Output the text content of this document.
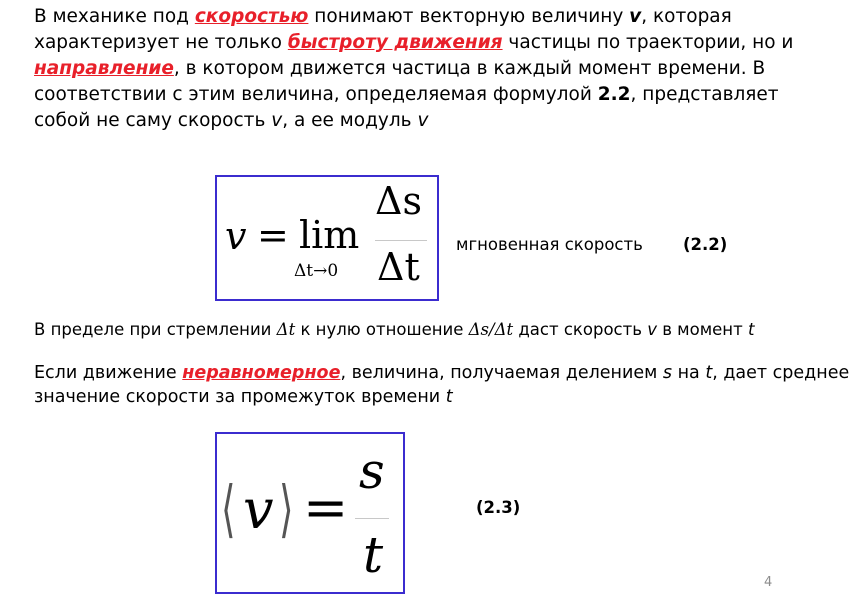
В механике под скоростью понимают векторную величину v, которая
характеризует не только быстроту движения частицы по траектории, но и
направление, в котором движется частица в каждый момент времени. В
соответствии с этим величина, определяемая формулой 2.2, представляет
собой не саму скорость v, а ее модуль v
v = lim
Δt→0
Δs
Δt
мгновенная скорость (2.2)
В пределе при стремлении Δt к нулю отношение Δs/Δt даст скорость v в момент t
Если движение неравномерное, величина, получаемая делением s на t, дает среднее
значение скорости за промежуток времени t
⟨ v ⟩ =
s
t
(2.3)
4
